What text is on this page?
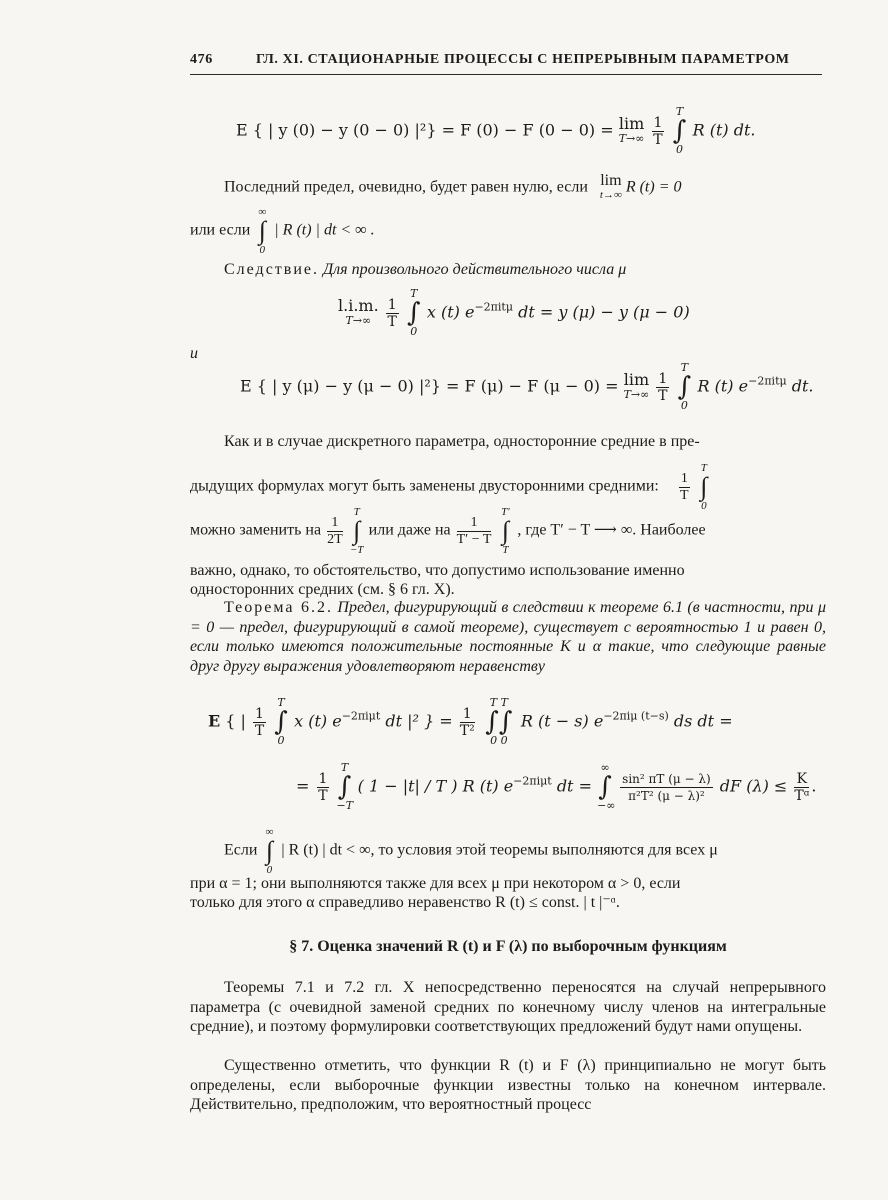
476	ГЛ. XI. СТАЦИОНАРНЫЕ ПРОЦЕССЫ С НЕПРЕРЫВНЫМ ПАРАМЕТРОМ
E { | y (0) − y (0 − 0) |²} = F (0) − F (0 − 0) = lim
T→∞
$\frac{1}{T}$

T
∫
0
R (t) dt.
Последний предел, очевидно, будет равен нулю, если lim
t→∞ R (t) = 0
или если
∞
∫
0
| R (t) | dt < ∞ .
Следствие. Для произвольного действительного числа μ
l.i.m.
T→∞
	$\frac{1}{T}$

T
∫
0
x (t) $e^{-2\pi it\mu}$ dt = y (μ) − y (μ − 0)
и
E { | y (μ) − y (μ − 0) |²} = F (μ) − F (μ − 0) = lim
T→∞
$\frac{1}{T}$

T
∫
0
R (t) $e^{-2\pi it\mu}$ dt.
Как и в случае дискретного параметра, односторонние средние в пре-
дыдущих формулах могут быть заменены двусторонними средними: $\frac{1}{T}$

T
∫
0
можно заменить на $\frac{1}{2T}$

T
∫
−T
или даже на $\frac{1}{T' - T}$

T′
∫
T
, где T′ − T ⟶ ∞. Наиболее
важно, однако, то обстоятельство, что допустимо использование именно
односторонних средних (см. § 6 гл. X).
Теорема 6.2. Предел, фигурирующий в следствии к теореме 6.1 (в частности, при μ = 0 — предел, фигурирующий в самой теореме), существует с вероятностью 1 и равен 0, если только имеются положительные постоянные K и α такие, что следующие равные друг другу выражения удовлетворяют неравенству
E { | $\frac{1}{T}$

T
∫
0
x (t) $e^{-2\pi i\mu t}$ dt |² } = $\frac{1}{\text{T²}}$

T T
∫∫
0 0
R (t − s) $e^{-2\pi i\mu (t-s)}$ ds dt =
= $\frac{1}{T}$

T
∫
−T
( 1 − |t| / T ) R (t) $e^{-2\pi i\mu t}$ dt =
∞
∫
−∞

$\frac{\text{sin² πT (μ − λ)}}{\text{π²T² (μ − λ)²}}$ dF $(\lambda) \le \frac{K}{\text{Tᵅ}}$ .
Если
∞
∫
0
| R (t) | dt < ∞, то условия этой теоремы выполняются для всех μ
при α = 1; они выполняются также для всех μ при некотором α > 0, если
только для этого α справедливо неравенство R (t) ≤ const. | t |⁻ᵅ.
§ 7. Оценка значений R (t) и F (λ) по выборочным функциям
Теоремы 7.1 и 7.2 гл. X непосредственно переносятся на случай непрерывного параметра (с очевидной заменой средних по конечному числу членов на интегральные средние), и поэтому формулировки соответствующих предложений будут нами опущены.
Существенно отметить, что функции R (t) и F (λ) принципиально не могут быть определены, если выборочные функции известны только на конечном интервале. Действительно, предположим, что вероятностный процесс
